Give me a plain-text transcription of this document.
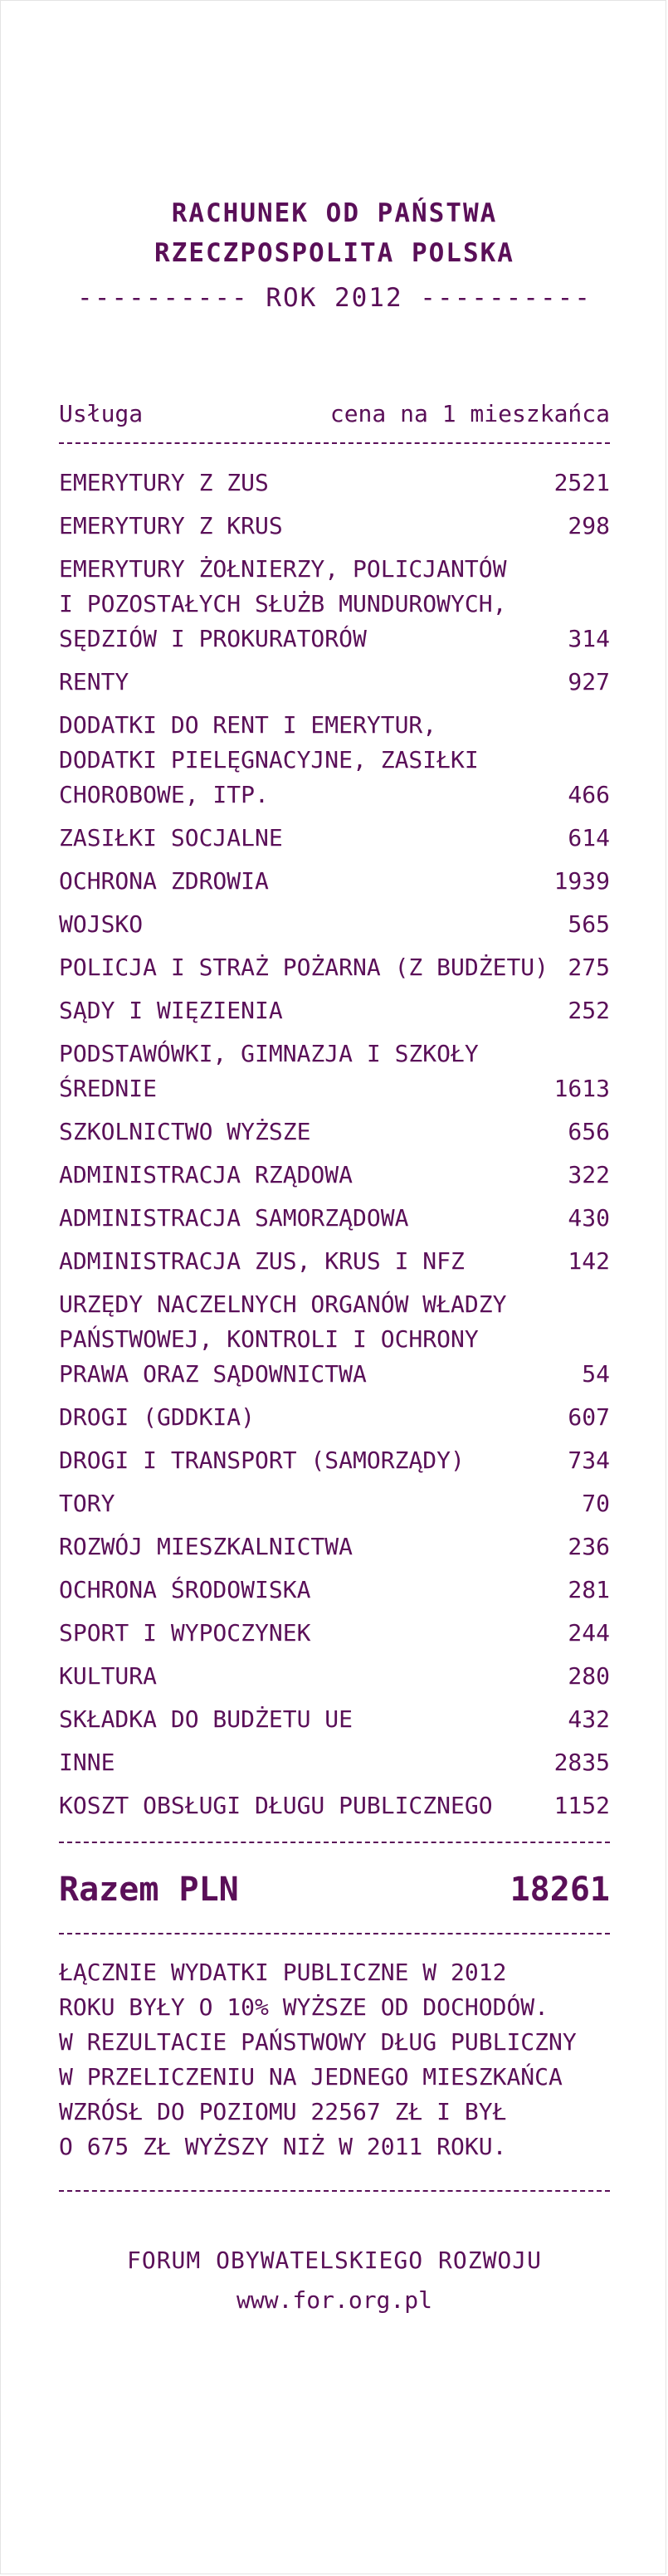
RACHUNEK OD PAŃSTWA
RZECZPOSPOLITA POLSKA
---------- ROK 2012 ----------
Usługa	cena na 1 mieszkańca
EMERYTURY Z ZUS	2521
EMERYTURY Z KRUS	298
EMERYTURY ŻOŁNIERZY, POLICJANTÓW
I POZOSTAŁYCH SŁUŻB MUNDUROWYCH,
SĘDZIÓW I PROKURATORÓW	314
RENTY	927
DODATKI DO RENT I EMERYTUR,
DODATKI PIELĘGNACYJNE, ZASIŁKI
CHOROBOWE, ITP.	466
ZASIŁKI SOCJALNE	614
OCHRONA ZDROWIA	1939
WOJSKO	565
POLICJA I STRAŻ POŻARNA (Z BUDŻETU) 275
SĄDY I WIĘZIENIA	252
PODSTAWÓWKI, GIMNAZJA I SZKOŁY
ŚREDNIE	1613
SZKOLNICTWO WYŻSZE	656
ADMINISTRACJA RZĄDOWA	322
ADMINISTRACJA SAMORZĄDOWA	430
ADMINISTRACJA ZUS, KRUS I NFZ	142
URZĘDY NACZELNYCH ORGANÓW WŁADZY
PAŃSTWOWEJ, KONTROLI I OCHRONY
PRAWA ORAZ SĄDOWNICTWA	54
DROGI (GDDKIA)	607
DROGI I TRANSPORT (SAMORZĄDY)	734
TORY	70
ROZWÓJ MIESZKALNICTWA	236
OCHRONA ŚRODOWISKA	281
SPORT I WYPOCZYNEK	244
KULTURA	280
SKŁADKA DO BUDŻETU UE	432
INNE	2835
KOSZT OBSŁUGI DŁUGU PUBLICZNEGO	1152
Razem PLN	18261
ŁĄCZNIE WYDATKI PUBLICZNE W 2012
ROKU BYŁY O 10% WYŻSZE OD DOCHODÓW.
W REZULTACIE PAŃSTWOWY DŁUG PUBLICZNY
W PRZELICZENIU NA JEDNEGO MIESZKAŃCA
WZRÓSŁ DO POZIOMU 22567 ZŁ I BYŁ
O 675 ZŁ WYŻSZY NIŻ W 2011 ROKU.
FORUM OBYWATELSKIEGO ROZWOJU
www.for.org.pl
